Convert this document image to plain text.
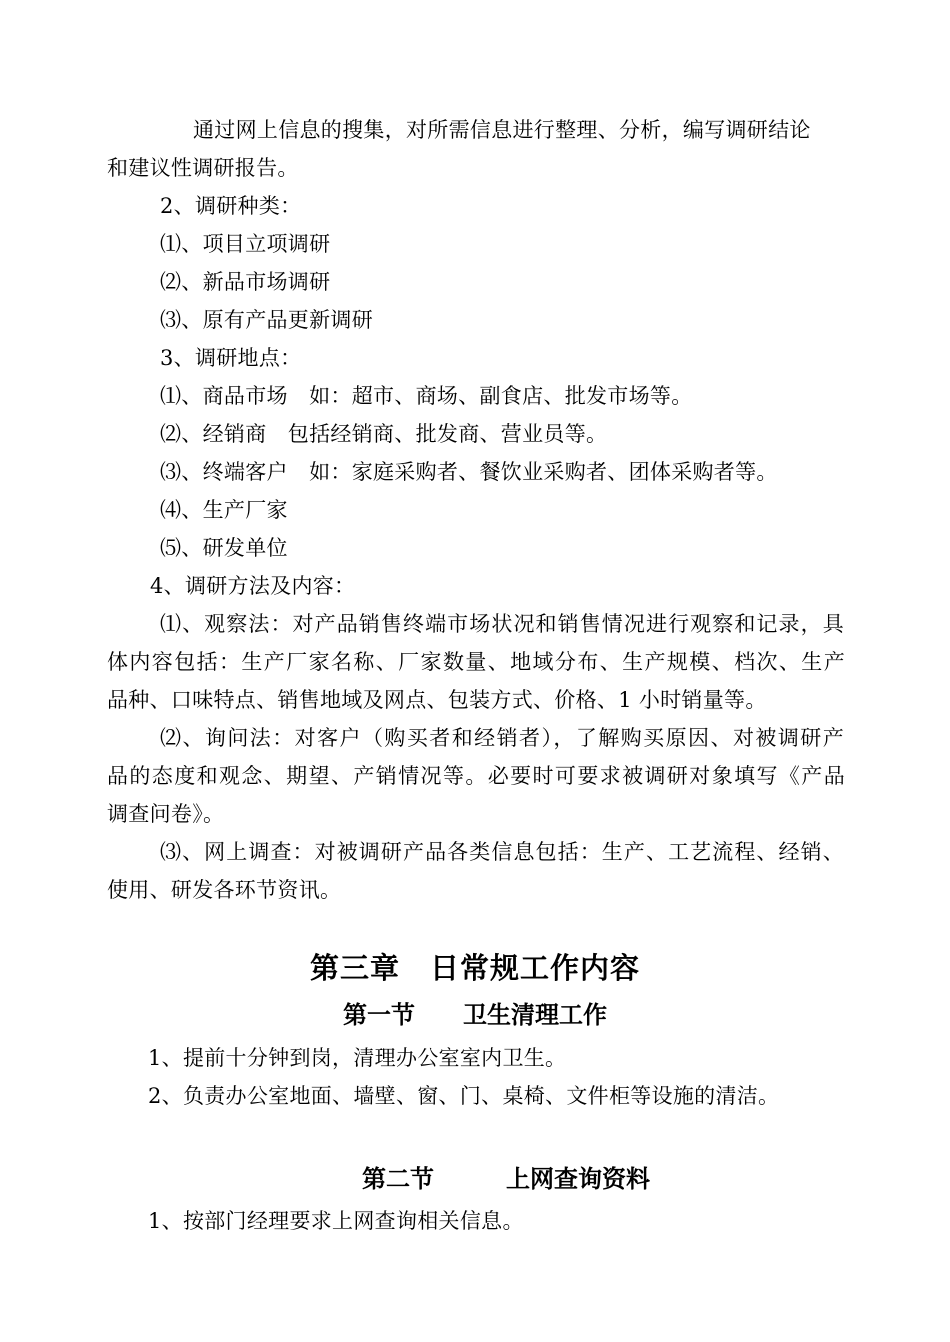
通过网上信息的搜集，对所需信息进行整理、分析，编写调研结论
和建议性调研报告。
2、调研种类：
⑴、项目立项调研
⑵、新品市场调研
⑶、原有产品更新调研
3、调研地点：
⑴、商品市场　如：超市、商场、副食店、批发市场等。
⑵、经销商　包括经销商、批发商、营业员等。
⑶、终端客户　如：家庭采购者、餐饮业采购者、团体采购者等。
⑷、生产厂家
⑸、研发单位
4、调研方法及内容：
⑴、观察法：对产品销售终端市场状况和销售情况进行观察和记录，具
体内容包括：生产厂家名称、厂家数量、地域分布、生产规模、档次、生产
品种、口味特点、销售地域及网点、包装方式、价格、1 小时销量等。
⑵、询问法：对客户（购买者和经销者），了解购买原因、对被调研产
品的态度和观念、期望、产销情况等。必要时可要求被调研对象填写《产品
调查问卷》。
⑶、网上调查：对被调研产品各类信息包括：生产、工艺流程、经销、
使用、研发各环节资讯。
第三章　日常规工作内容
第一节　　卫生清理工作
1、提前十分钟到岗，清理办公室室内卫生。
2、负责办公室地面、墙壁、窗、门、桌椅、文件柜等设施的清洁。
第二节　　　上网查询资料
1、按部门经理要求上网查询相关信息。
